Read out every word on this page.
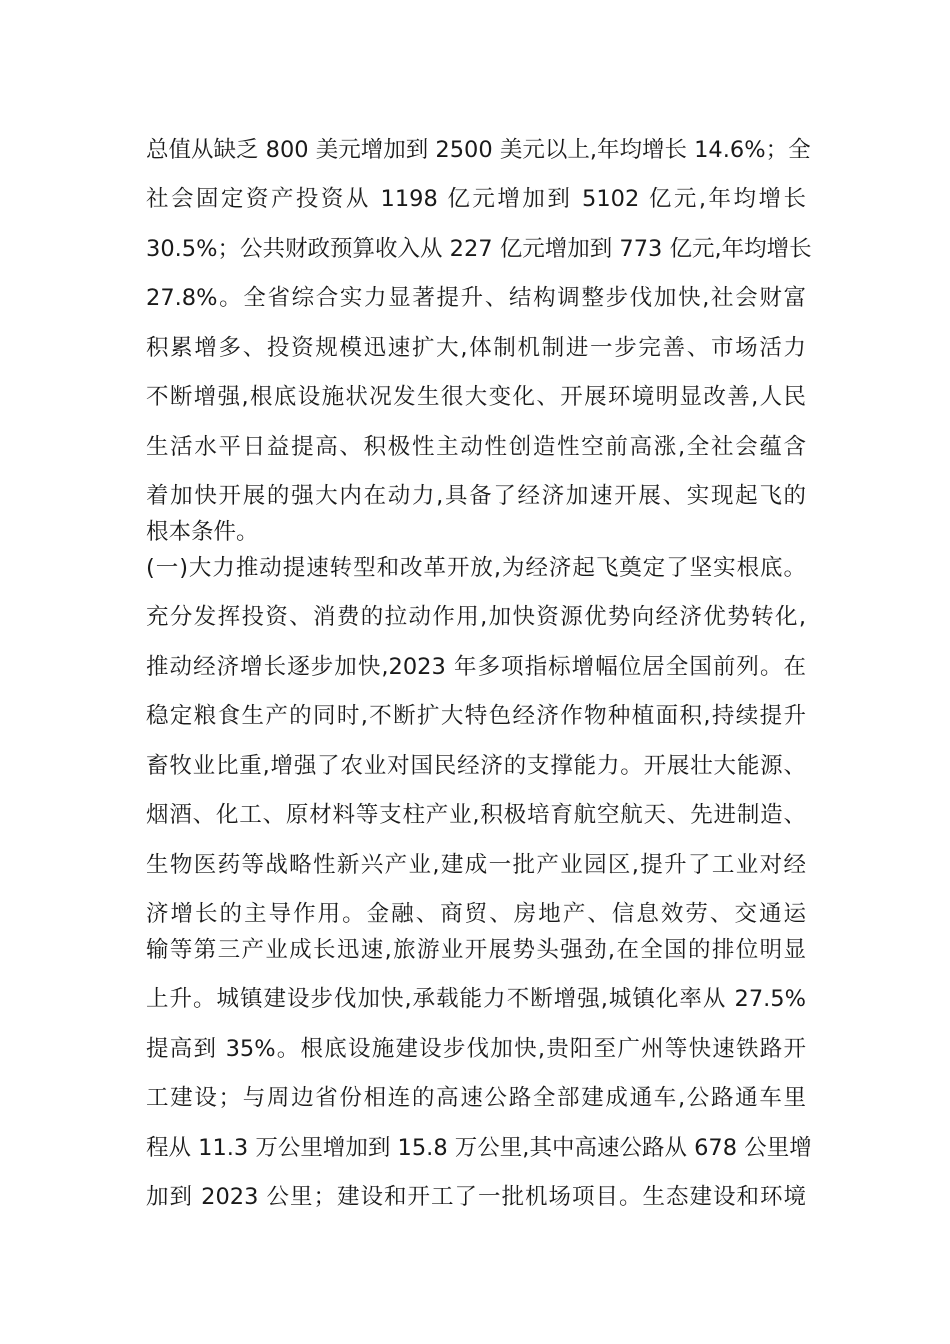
总值从缺乏 800 美元增加到 2500 美元以上,年均增长 14.6%；全
社会固定资产投资从 1198 亿元增加到 5102 亿元,年均增长
30.5%；公共财政预算收入从 227 亿元增加到 773 亿元,年均增长
27.8%。全省综合实力显著提升、结构调整步伐加快,社会财富
积累增多、投资规模迅速扩大,体制机制进一步完善、市场活力
不断增强,根底设施状况发生很大变化、开展环境明显改善,人民
生活水平日益提高、积极性主动性创造性空前高涨,全社会蕴含
着加快开展的强大内在动力,具备了经济加速开展、实现起飞的
根本条件。
(一)大力推动提速转型和改革开放,为经济起飞奠定了坚实根底。
充分发挥投资、消费的拉动作用,加快资源优势向经济优势转化,
推动经济增长逐步加快,2023 年多项指标增幅位居全国前列。在
稳定粮食生产的同时,不断扩大特色经济作物种植面积,持续提升
畜牧业比重,增强了农业对国民经济的支撑能力。开展壮大能源、
烟酒、化工、原材料等支柱产业,积极培育航空航天、先进制造、
生物医药等战略性新兴产业,建成一批产业园区,提升了工业对经
济增长的主导作用。金融、商贸、房地产、信息效劳、交通运
输等第三产业成长迅速,旅游业开展势头强劲,在全国的排位明显
上升。城镇建设步伐加快,承载能力不断增强,城镇化率从 27.5%
提高到 35%。根底设施建设步伐加快,贵阳至广州等快速铁路开
工建设；与周边省份相连的高速公路全部建成通车,公路通车里
程从 11.3 万公里增加到 15.8 万公里,其中高速公路从 678 公里增
加到 2023 公里；建设和开工了一批机场项目。生态建设和环境
